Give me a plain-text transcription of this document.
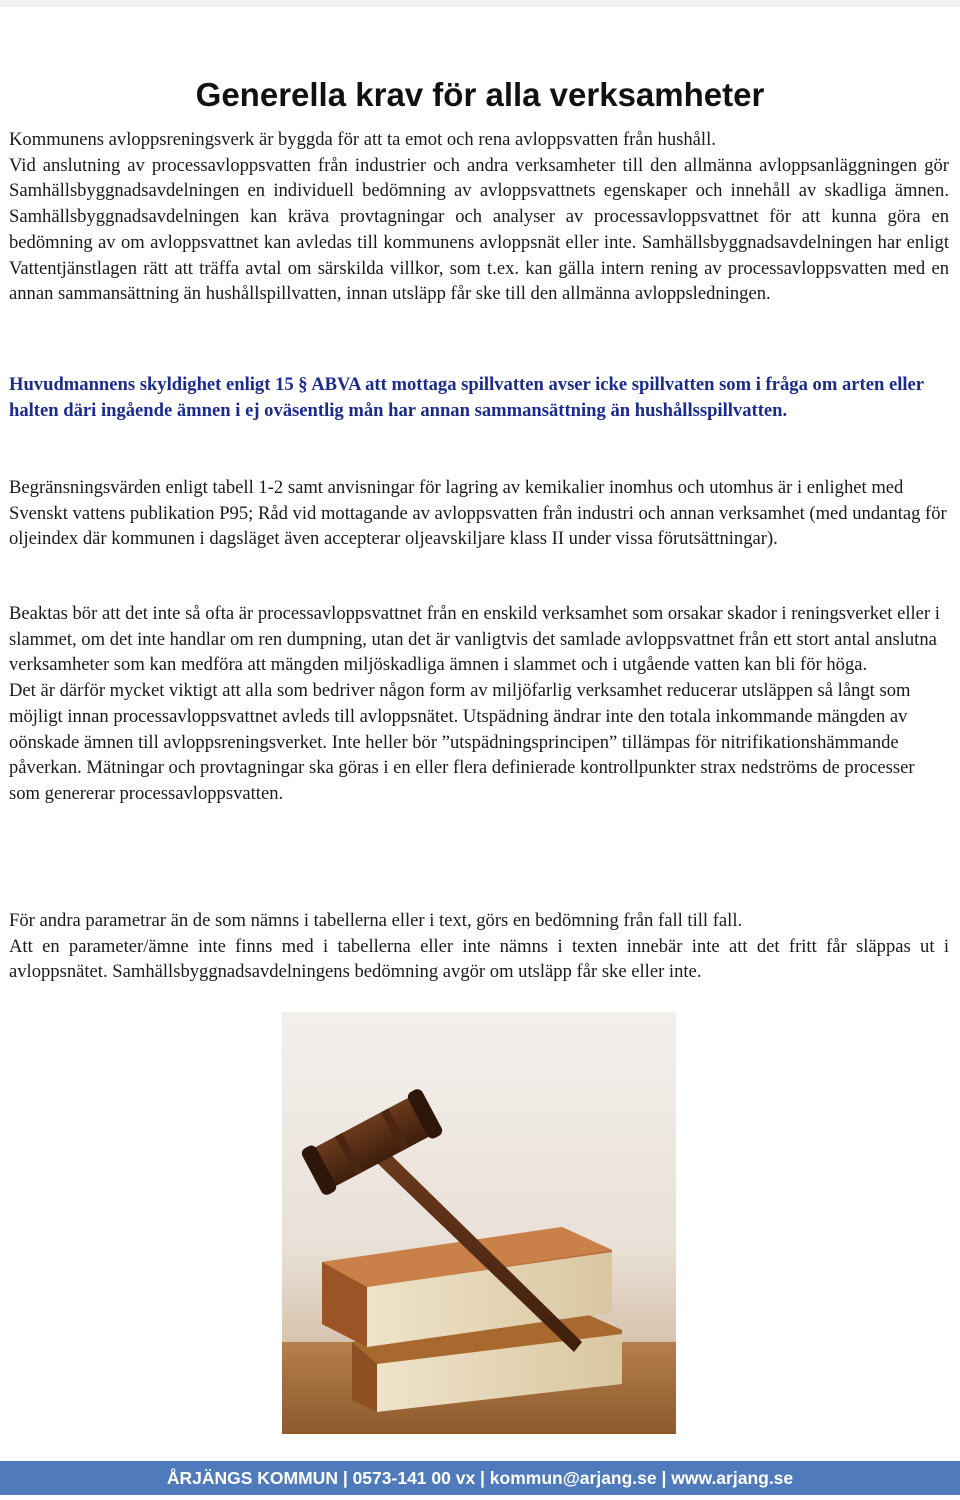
Generella krav för alla verksamheter
Kommunens avloppsreningsverk är byggda för att ta emot och rena avloppsvatten från hushåll.
Vid anslutning av processavloppsvatten från industrier och andra verksamheter till den allmänna avloppsanläggningen gör Samhällsbyggnadsavdelningen en individuell bedömning av avloppsvattnets egenskaper och innehåll av skadliga ämnen. Samhällsbyggnadsavdelningen kan kräva provtagningar och analyser av processavloppsvattnet för att kunna göra en bedömning av om avloppsvattnet kan avledas till kommunens avloppsnät eller inte. Samhällsbyggnadsavdelningen har enligt Vattentjänstlagen rätt att träffa avtal om särskilda villkor, som t.ex. kan gälla intern rening av processavloppsvatten med en annan sammansättning än hushållspillvatten, innan utsläpp får ske till den allmänna avloppsledningen.

Huvudmannens skyldighet enligt 15 § ABVA att mottaga spillvatten avser icke spillvatten som i fråga om arten eller halten däri ingående ämnen i ej oväsentlig mån har annan sammansättning än hushållsspillvatten.

Begränsningsvärden enligt tabell 1-2 samt anvisningar för lagring av kemikalier inomhus och utomhus är i enlighet med Svenskt vattens publikation P95; Råd vid mottagande av avloppsvatten från industri och annan verksamhet (med undantag för oljeindex där kommunen i dagsläget även accepterar oljeavskiljare klass II under vissa förutsättningar).

Beaktas bör att det inte så ofta är processavloppsvattnet från en enskild verksamhet som orsakar skador i reningsverket eller i slammet, om det inte handlar om ren dumpning, utan det är vanligtvis det samlade avloppsvattnet från ett stort antal anslutna verksamheter som kan medföra att mängden miljöskadliga ämnen i slammet och i utgående vatten kan bli för höga.
Det är därför mycket viktigt att alla som bedriver någon form av miljöfarlig verksamhet reducerar utsläppen så långt som möjligt innan processavloppsvattnet avleds till avloppsnätet. Utspädning ändrar inte den totala inkommande mängden av oönskade ämnen till avloppsreningsverket. Inte heller bör ”utspädningsprincipen” tillämpas för nitrifikationshämmande påverkan. Mätningar och provtagningar ska göras i en eller flera definierade kontrollpunkter strax nedströms de processer som genererar processavloppsvatten.
För andra parametrar än de som nämns i tabellerna eller i text, görs en bedömning från fall till fall.
Att en parameter/ämne inte finns med i tabellerna eller inte nämns i texten innebär inte att det fritt får släppas ut i avloppsnätet. Samhällsbyggnadsavdelningens bedömning avgör om utsläpp får ske eller inte.
ÅRJÄNGS KOMMUN | 0573-141 00 vx | kommun@arjang.se | www.arjang.se
